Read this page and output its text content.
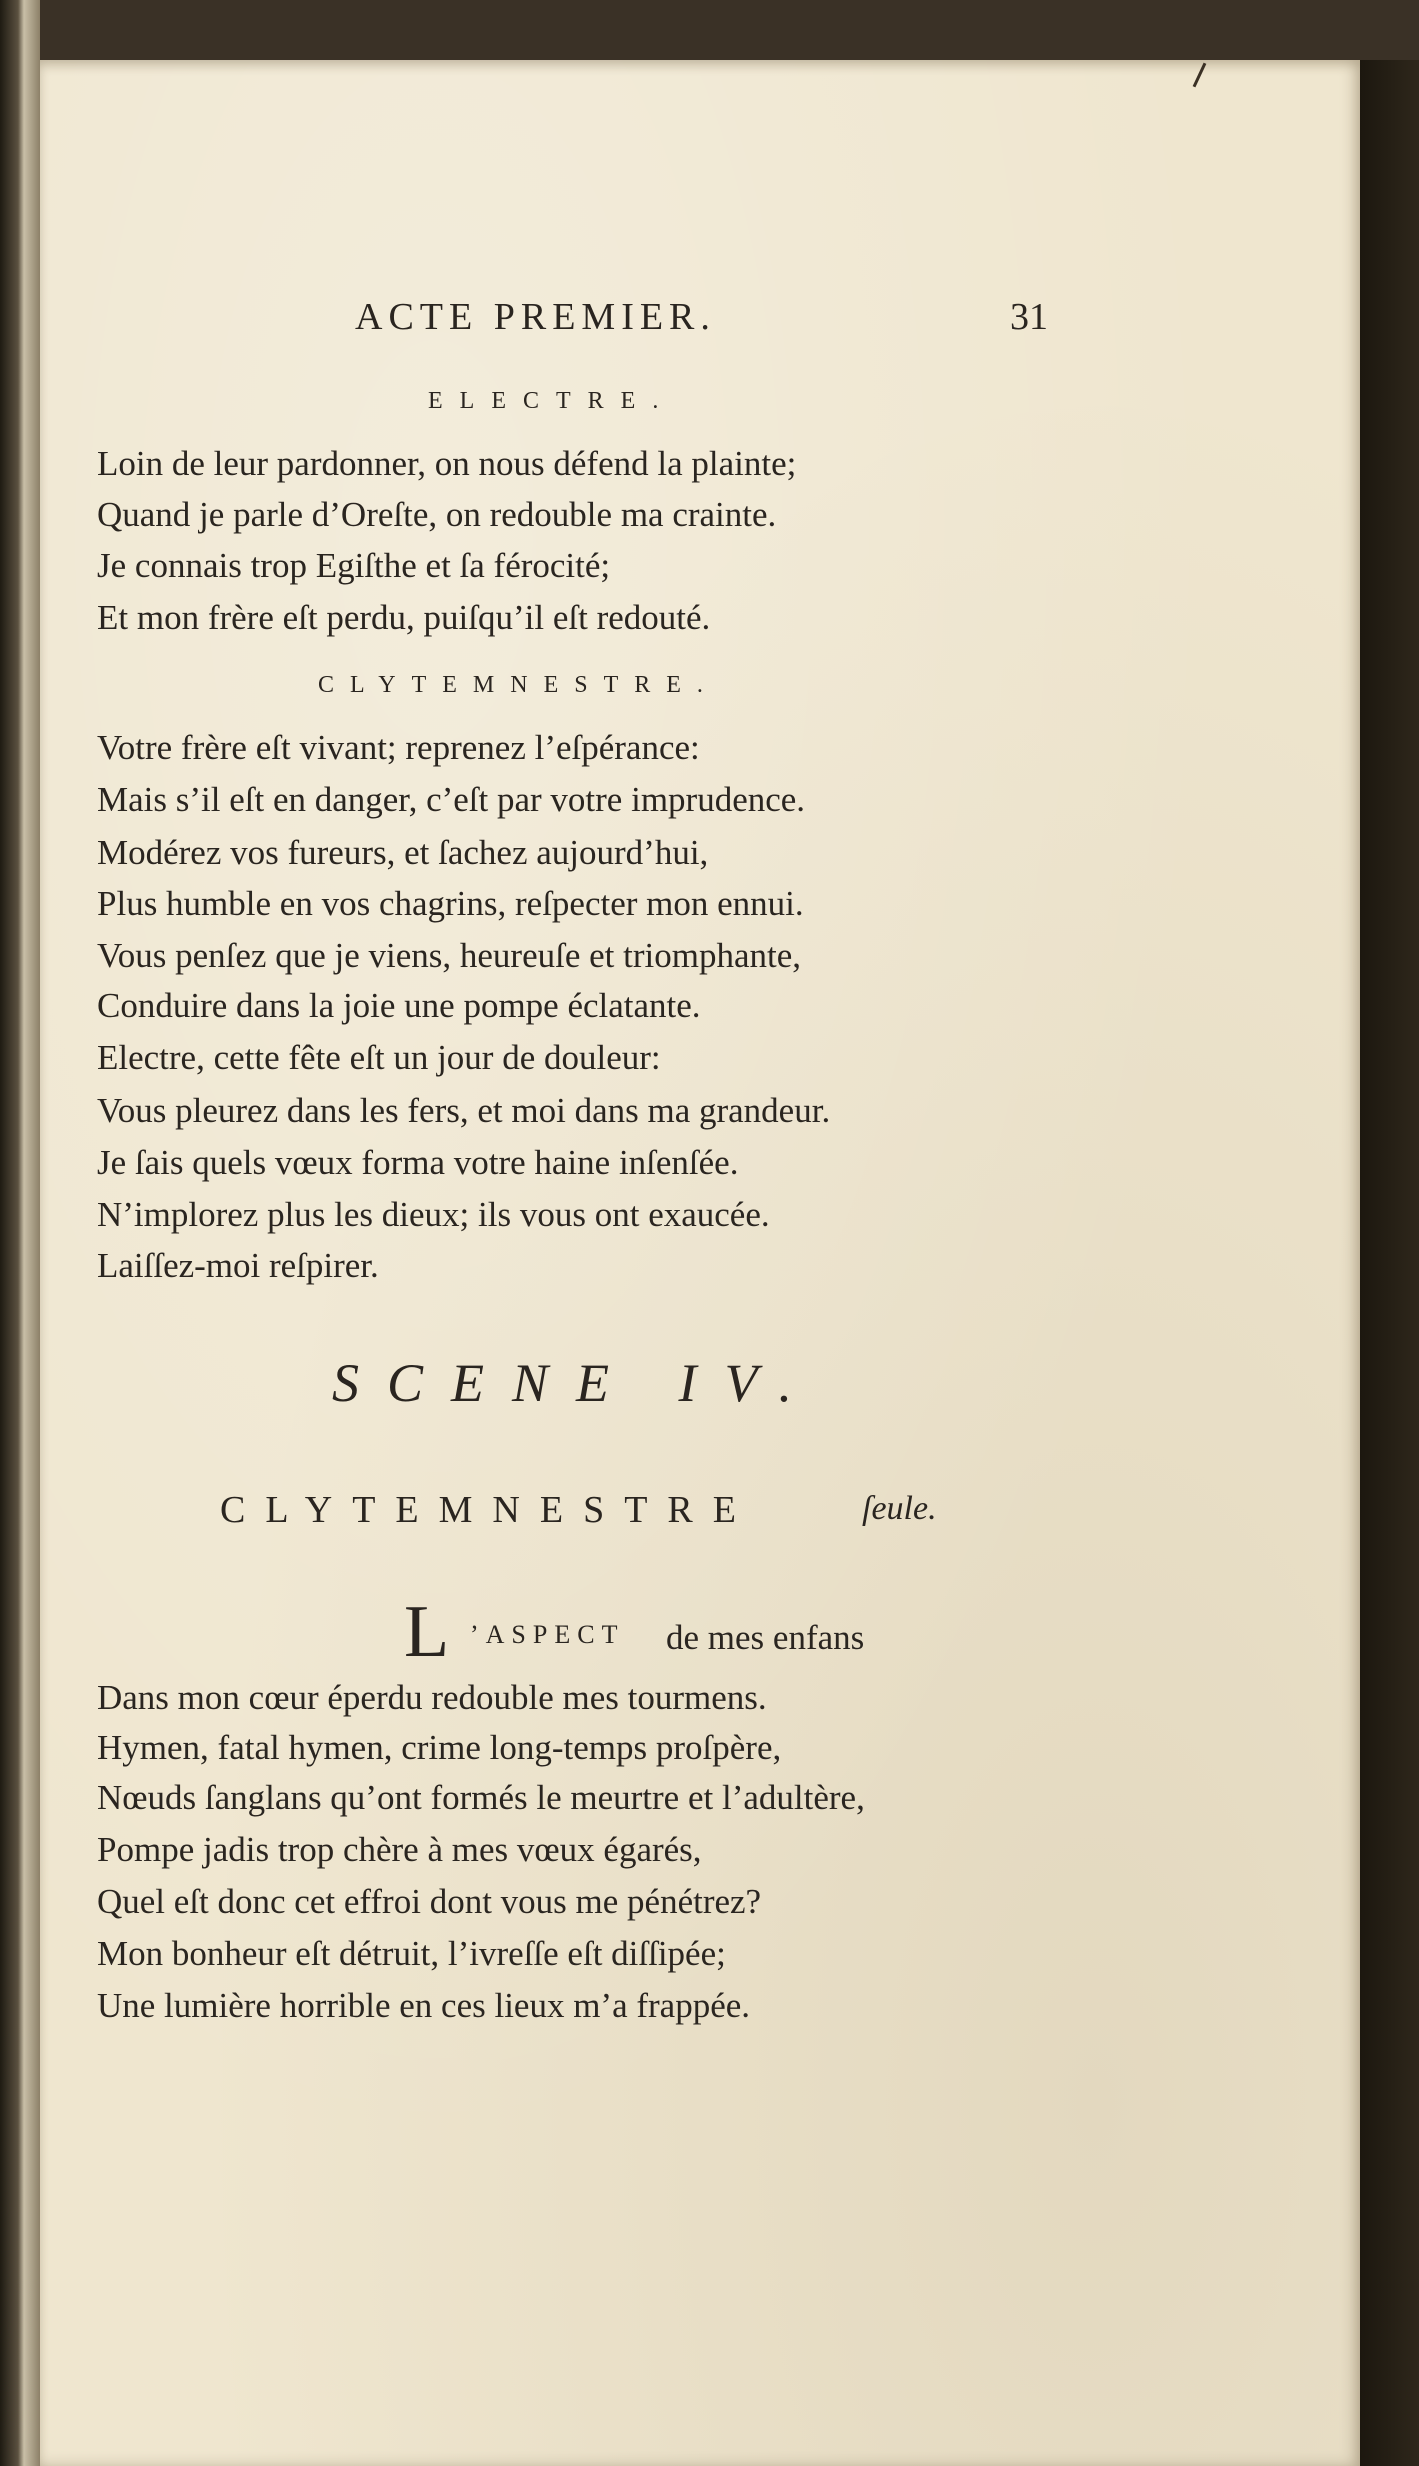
ACTE PREMIER.	31
ELECTRE.
Loin de leur pardonner, on nous défend la plainte;
Quand je parle d’Oreſte, on redouble ma crainte.
Je connais trop Egiſthe et ſa férocité;
Et mon frère eſt perdu, puiſqu’il eſt redouté.
CLYTEMNESTRE.
Votre frère eſt vivant; reprenez l’eſpérance:
Mais s’il eſt en danger, c’eſt par votre imprudence.
Modérez vos fureurs, et ſachez aujourd’hui,
Plus humble en vos chagrins, reſpecter mon ennui.
Vous penſez que je viens, heureuſe et triomphante,
Conduire dans la joie une pompe éclatante.
Electre, cette fête eſt un jour de douleur:
Vous pleurez dans les fers, et moi dans ma grandeur.
Je ſais quels vœux forma votre haine inſenſée.
N’implorez plus les dieux; ils vous ont exaucée.
Laiſſez-moi reſpirer.
SCENE IV.
CLYTEMNESTRE	ſeule.
L ’ASPECT de mes enfans
Dans mon cœur éperdu redouble mes tourmens.
Hymen, fatal hymen, crime long-temps proſpère,
Nœuds ſanglans qu’ont formés le meurtre et l’adultère,
Pompe jadis trop chère à mes vœux égarés,
Quel eſt donc cet effroi dont vous me pénétrez?
Mon bonheur eſt détruit, l’ivreſſe eſt diſſipée;
Une lumière horrible en ces lieux m’a frappée.
